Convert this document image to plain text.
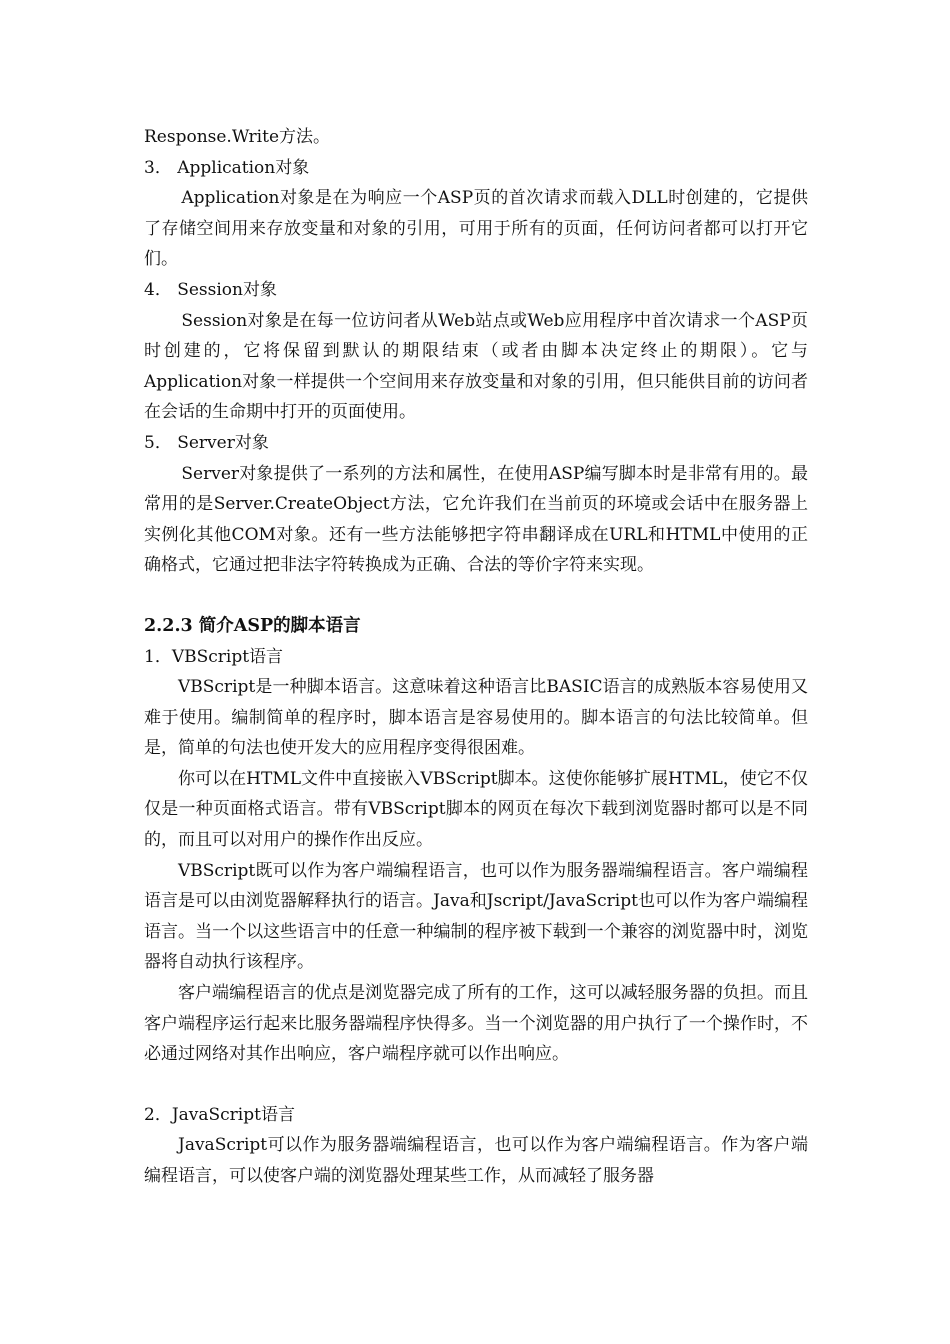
Response.Write方法。

3． Application对象

Application对象是在为响应一个ASP页的首次请求而载入DLL时创建的，它提供了存储空间用来存放变量和对象的引用，可用于所有的页面，任何访问者都可以打开它们。

4． Session对象

Session对象是在每一位访问者从Web站点或Web应用程序中首次请求一个ASP页时创建的，它将保留到默认的期限结束（或者由脚本决定终止的期限）。它与Application对象一样提供一个空间用来存放变量和对象的引用，但只能供目前的访问者在会话的生命期中打开的页面使用。

5． Server对象

Server对象提供了一系列的方法和属性，在使用ASP编写脚本时是非常有用的。最常用的是Server.CreateObject方法，它允许我们在当前页的环境或会话中在服务器上实例化其他COM对象。还有一些方法能够把字符串翻译成在URL和HTML中使用的正确格式，它通过把非法字符转换成为正确、合法的等价字符来实现。

2.2.3 简介ASP的脚本语言

1．VBScript语言

VBScript是一种脚本语言。这意味着这种语言比BASIC语言的成熟版本容易使用又难于使用。编制简单的程序时，脚本语言是容易使用的。脚本语言的句法比较简单。但是，简单的句法也使开发大的应用程序变得很困难。

你可以在HTML文件中直接嵌入VBScript脚本。这使你能够扩展HTML，使它不仅仅是一种页面格式语言。带有VBScript脚本的网页在每次下载到浏览器时都可以是不同的，而且可以对用户的操作作出反应。

VBScript既可以作为客户端编程语言，也可以作为服务器端编程语言。客户端编程语言是可以由浏览器解释执行的语言。Java和Jscript/JavaScript也可以作为客户端编程语言。当一个以这些语言中的任意一种编制的程序被下载到一个兼容的浏览器中时，浏览器将自动执行该程序。

客户端编程语言的优点是浏览器完成了所有的工作，这可以减轻服务器的负担。而且客户端程序运行起来比服务器端程序快得多。当一个浏览器的用户执行了一个操作时，不必通过网络对其作出响应，客户端程序就可以作出响应。

2．JavaScript语言

JavaScript可以作为服务器端编程语言，也可以作为客户端编程语言。作为客户端编程语言，可以使客户端的浏览器处理某些工作，从而减轻了服务器
